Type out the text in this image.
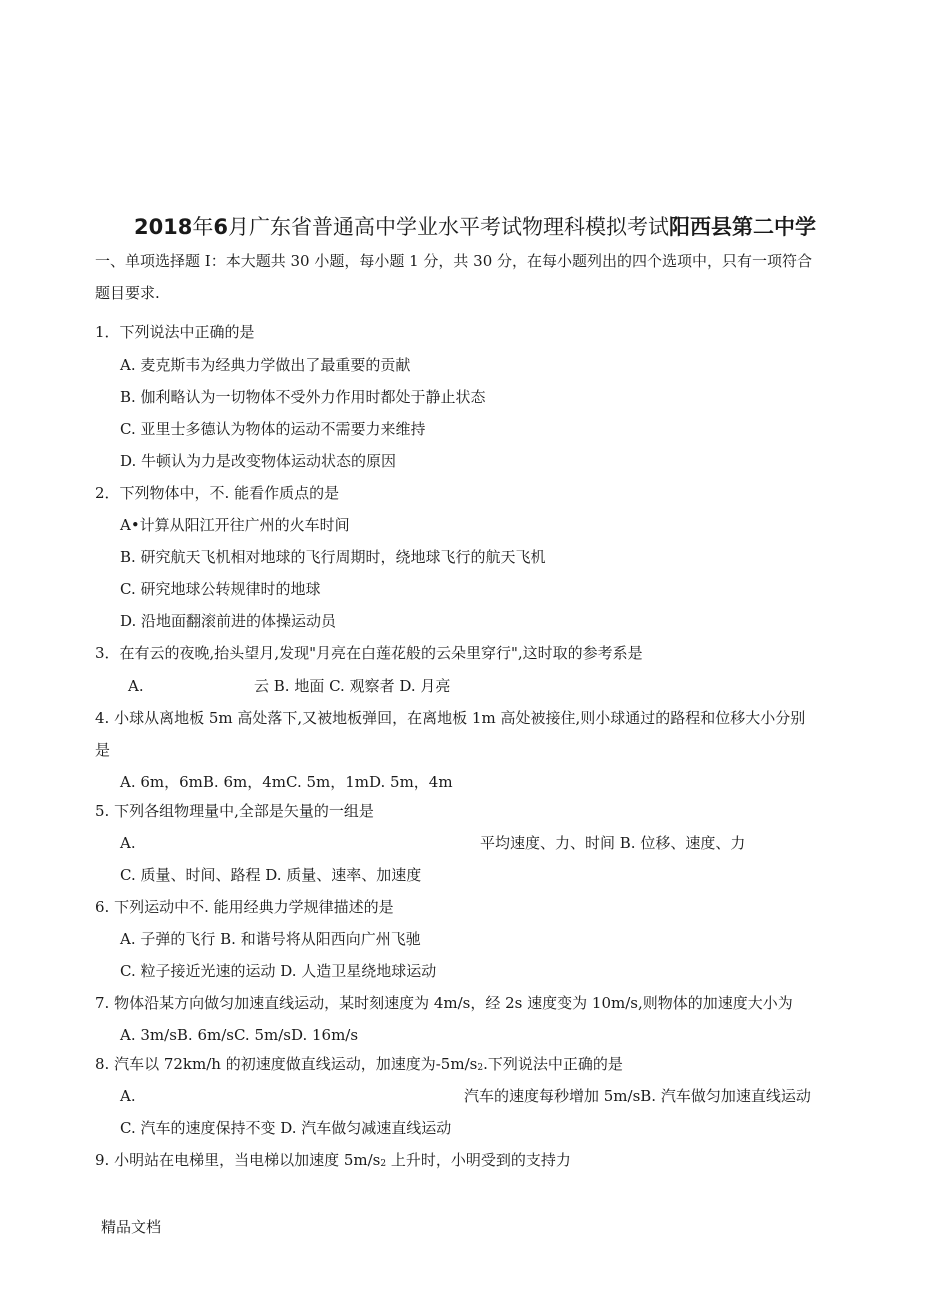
2018年6月广东省普通高中学业水平考试物理科模拟考试阳西县第二中学
一、单项选择题 I：本大题共 30 小题，每小题 1 分，共 30 分，在每小题列出的四个选项中，只有一项符合
题目要求.
1．下列说法中正确的是
A. 麦克斯韦为经典力学做出了最重要的贡献
B. 伽利略认为一切物体不受外力作用时都处于静止状态
C. 亚里士多德认为物体的运动不需要力来维持
D. 牛顿认为力是改变物体运动状态的原因
2．下列物体中，不. 能看作质点的是
A•计算从阳江开往广州的火车时间
B. 研究航天飞机相对地球的飞行周期时，绕地球飞行的航天飞机
C. 研究地球公转规律时的地球
D. 沿地面翻滚前进的体操运动员
3．在有云的夜晚,抬头望月,发现"月亮在白莲花般的云朵里穿行",这时取的参考系是
A.	云 B. 地面 C. 观察者 D. 月亮
4. 小球从离地板 5m 高处落下,又被地板弹回，在离地板 1m 高处被接住,则小球通过的路程和位移大小分别
是
A. 6m，6mB. 6m，4mC. 5m，1mD. 5m，4m
5. 下列各组物理量中,全部是矢量的一组是
A.	平均速度、力、时间 B. 位移、速度、力
C. 质量、时间、路程 D. 质量、速率、加速度
6. 下列运动中不. 能用经典力学规律描述的是
A. 子弹的飞行 B. 和谐号将从阳西向广州飞驰
C. 粒子接近光速的运动 D. 人造卫星绕地球运动
7. 物体沿某方向做匀加速直线运动，某时刻速度为 4m/s，经 2s 速度变为 10m/s,则物体的加速度大小为
A. 3m/sB. 6m/sC. 5m/sD. 16m/s
8. 汽车以 72km/h 的初速度做直线运动，加速度为$-5m/s_2$.下列说法中正确的是
A.	汽车的速度每秒增加 5m/sB. 汽车做匀加速直线运动
C. 汽车的速度保持不变 D. 汽车做匀减速直线运动
9. 小明站在电梯里，当电梯以加速度 $5m/s_2$ 上升时，小明受到的支持力
精品文档
